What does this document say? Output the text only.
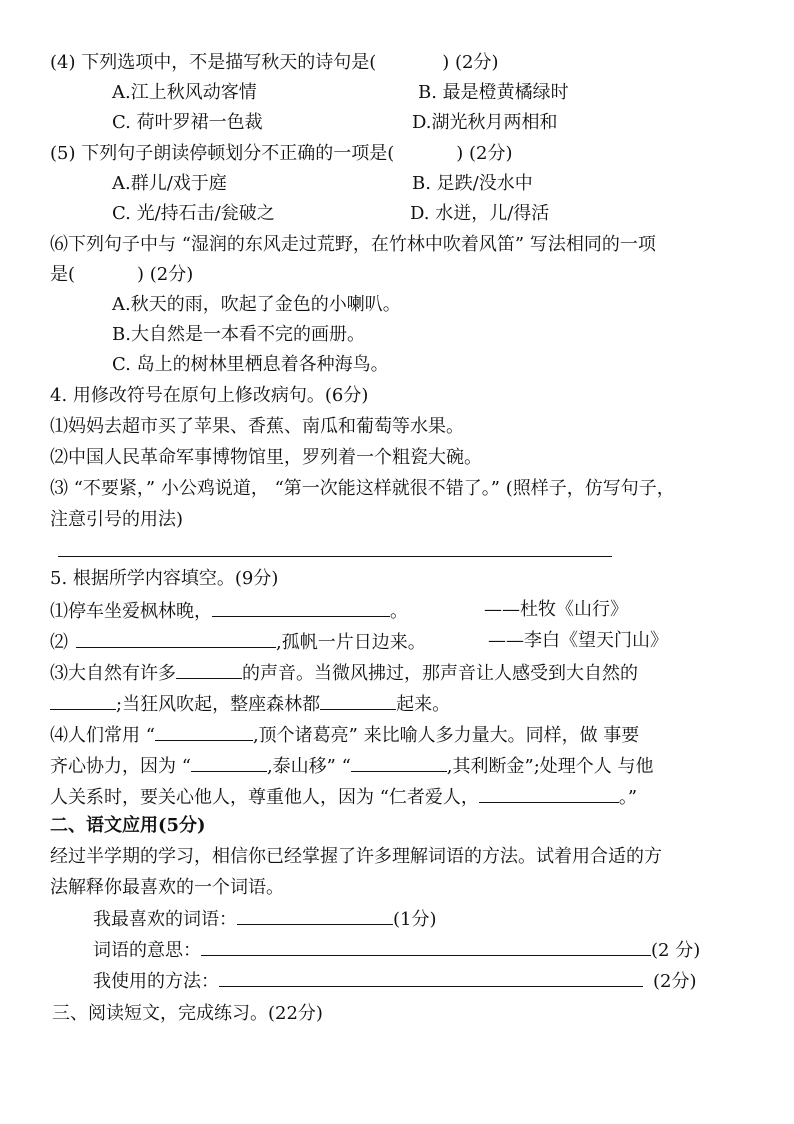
(4) 下列选项中，不是描写秋天的诗句是(	) (2分)
A.江上秋风动客情	B. 最是橙黄橘绿时
C. 荷叶罗裙一色裁	D.湖光秋月两相和
(5) 下列句子朗读停顿划分不正确的一项是(	) (2分)
A.群儿/戏于庭	B. 足跌/没水中
C. 光/持石击/瓮破之	D. 水迸，儿/得活
⑹下列句子中与 “湿润的东风走过荒野，在竹林中吹着风笛” 写法相同的一项
是(	) (2分)
A.秋天的雨，吹起了金色的小喇叭。
B.大自然是一本看不完的画册。
C. 岛上的树林里栖息着各种海鸟。
4. 用修改符号在原句上修改病句。(6分)
⑴妈妈去超市买了苹果、香蕉、南瓜和葡萄等水果。
⑵中国人民革命军事博物馆里，罗列着一个粗瓷大碗。
⑶ “不要紧，” 小公鸡说道， “第一次能这样就很不错了。” (照样子，仿写句子，
注意引号的用法)
5. 根据所学内容填空。(9分)
⑴停车坐爱枫林晚，	。	——杜牧《山行》
⑵	,孤帆一片日边来。	——李白《望天门山》
⑶大自然有许多	的声音。当微风拂过，那声音让人感受到大自然的
;当狂风吹起，整座森林都	起来。
⑷人们常用 “	,顶个诸葛亮” 来比喻人多力量大。同样，做 事要
齐心协力，因为 “	,泰山移” “	,其利断金”;处理个人 与他
人关系时，要关心他人，尊重他人，因为 “仁者爱人，	。”
二、语文应用(5分)
经过半学期的学习，相信你已经掌握了许多理解词语的方法。试着用合适的方
法解释你最喜欢的一个词语。
我最喜欢的词语：	(1分)
词语的意思：	(2 分)
我使用的方法：	(2分)
三、阅读短文，完成练习。(22分)
